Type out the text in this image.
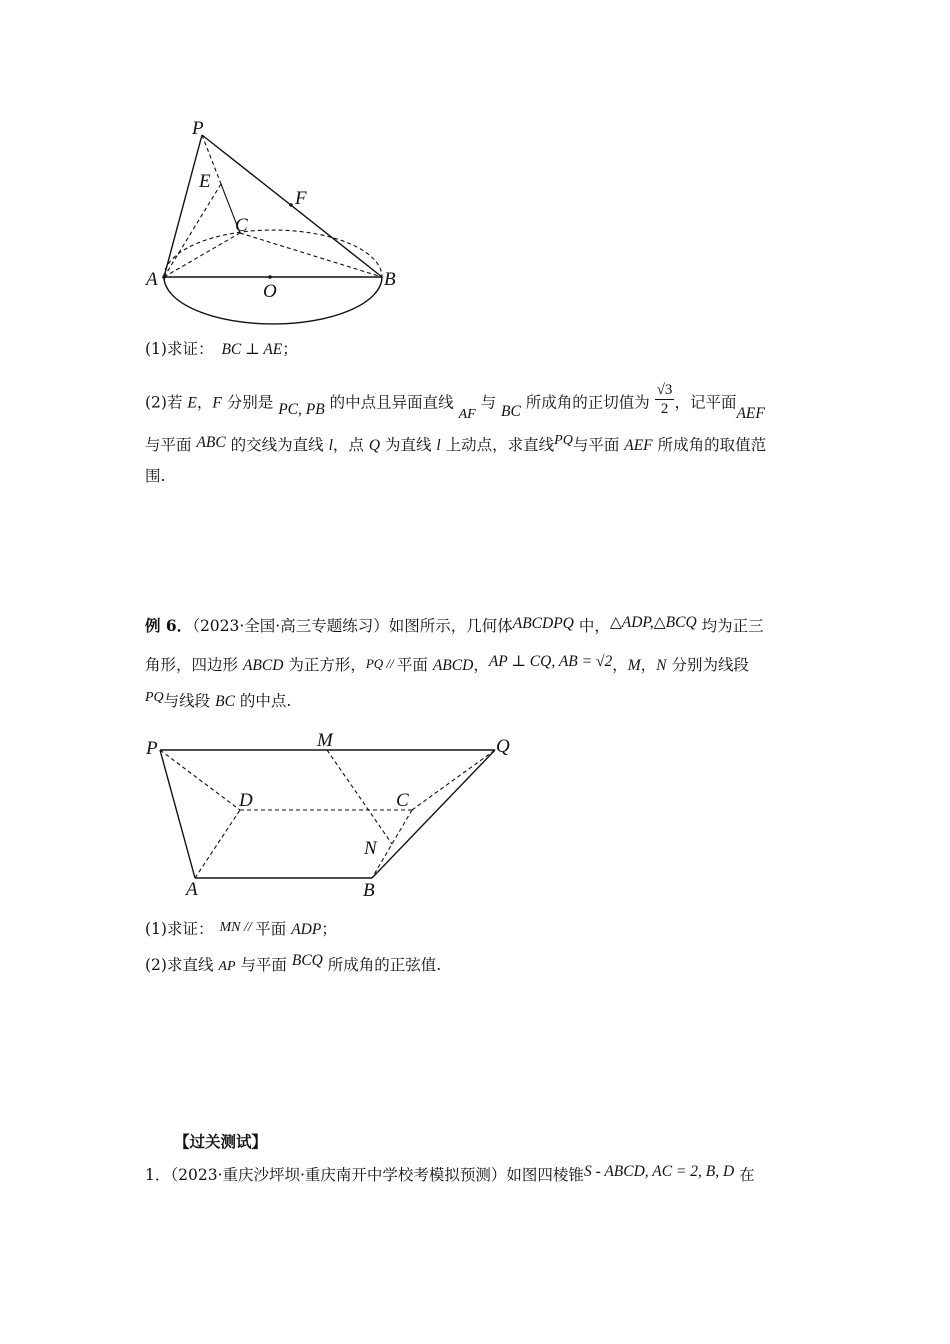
P
E
F
C
A
O
B
(1)求证： BC ⊥ AE；
(2)若 E，F 分别是 PC, PB 的中点且异面直线 AF 与 BC 所成角的正切值为 $\frac{√3}{2}$ ，记平面AEF
与平面 ABC 的交线为直线 l，点 Q 为直线 l 上动点，求直线PQ与平面 AEF 所成角的取值范
围.
例 6．（2023·全国·高三专题练习）如图所示，几何体ABCDPQ 中，△ADP,△BCQ 均为正三
角形，四边形 ABCD 为正方形，PQ // 平面 ABCD，AP ⊥ CQ, AB = √2，M，N 分别为线段
PQ与线段 BC 的中点.
P	M	Q
D	C
N
A	B
(1)求证： MN // 平面 ADP；
(2)求直线 AP 与平面 BCQ 所成角的正弦值.
【过关测试】
1．（2023·重庆沙坪坝·重庆南开中学校考模拟预测）如图四棱锥S - ABCD, AC = 2, B, D 在
